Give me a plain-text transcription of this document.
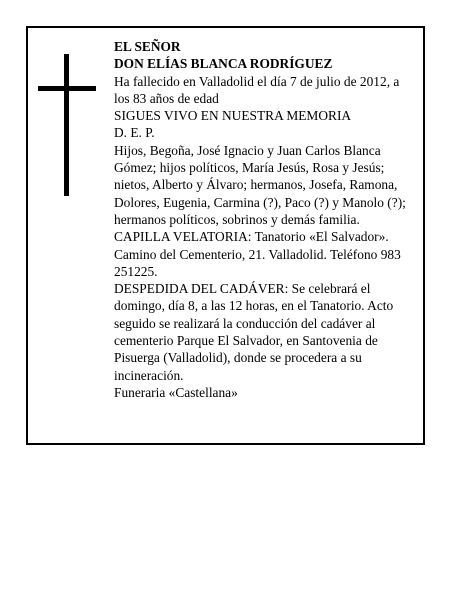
EL SEÑOR

DON ELÍAS BLANCA RODRÍGUEZ

Ha fallecido en Valladolid el día 7 de julio de 2012, a los 83 años de edad

SIGUES VIVO EN NUESTRA MEMORIA

D. E. P.

Hijos, Begoña, José Ignacio y Juan Carlos Blanca Gómez; hijos políticos, María Jesús, Rosa y Jesús; nietos, Alberto y Álvaro; hermanos, Josefa, Ramona, Dolores, Eugenia, Carmina (?), Paco (?) y Manolo (?); hermanos políticos, sobrinos y demás familia.

CAPILLA VELATORIA: Tanatorio «El Salvador». Camino del Cementerio, 21. Valladolid. Teléfono 983 251225.

DESPEDIDA DEL CADÁVER: Se celebrará el domingo, día 8, a las 12 horas, en el Tanatorio. Acto seguido se realizará la conducción del cadáver al cementerio Parque El Salvador, en Santovenia de Pisuerga (Valladolid), donde se procedera a su incineración.

Funeraria «Castellana»
